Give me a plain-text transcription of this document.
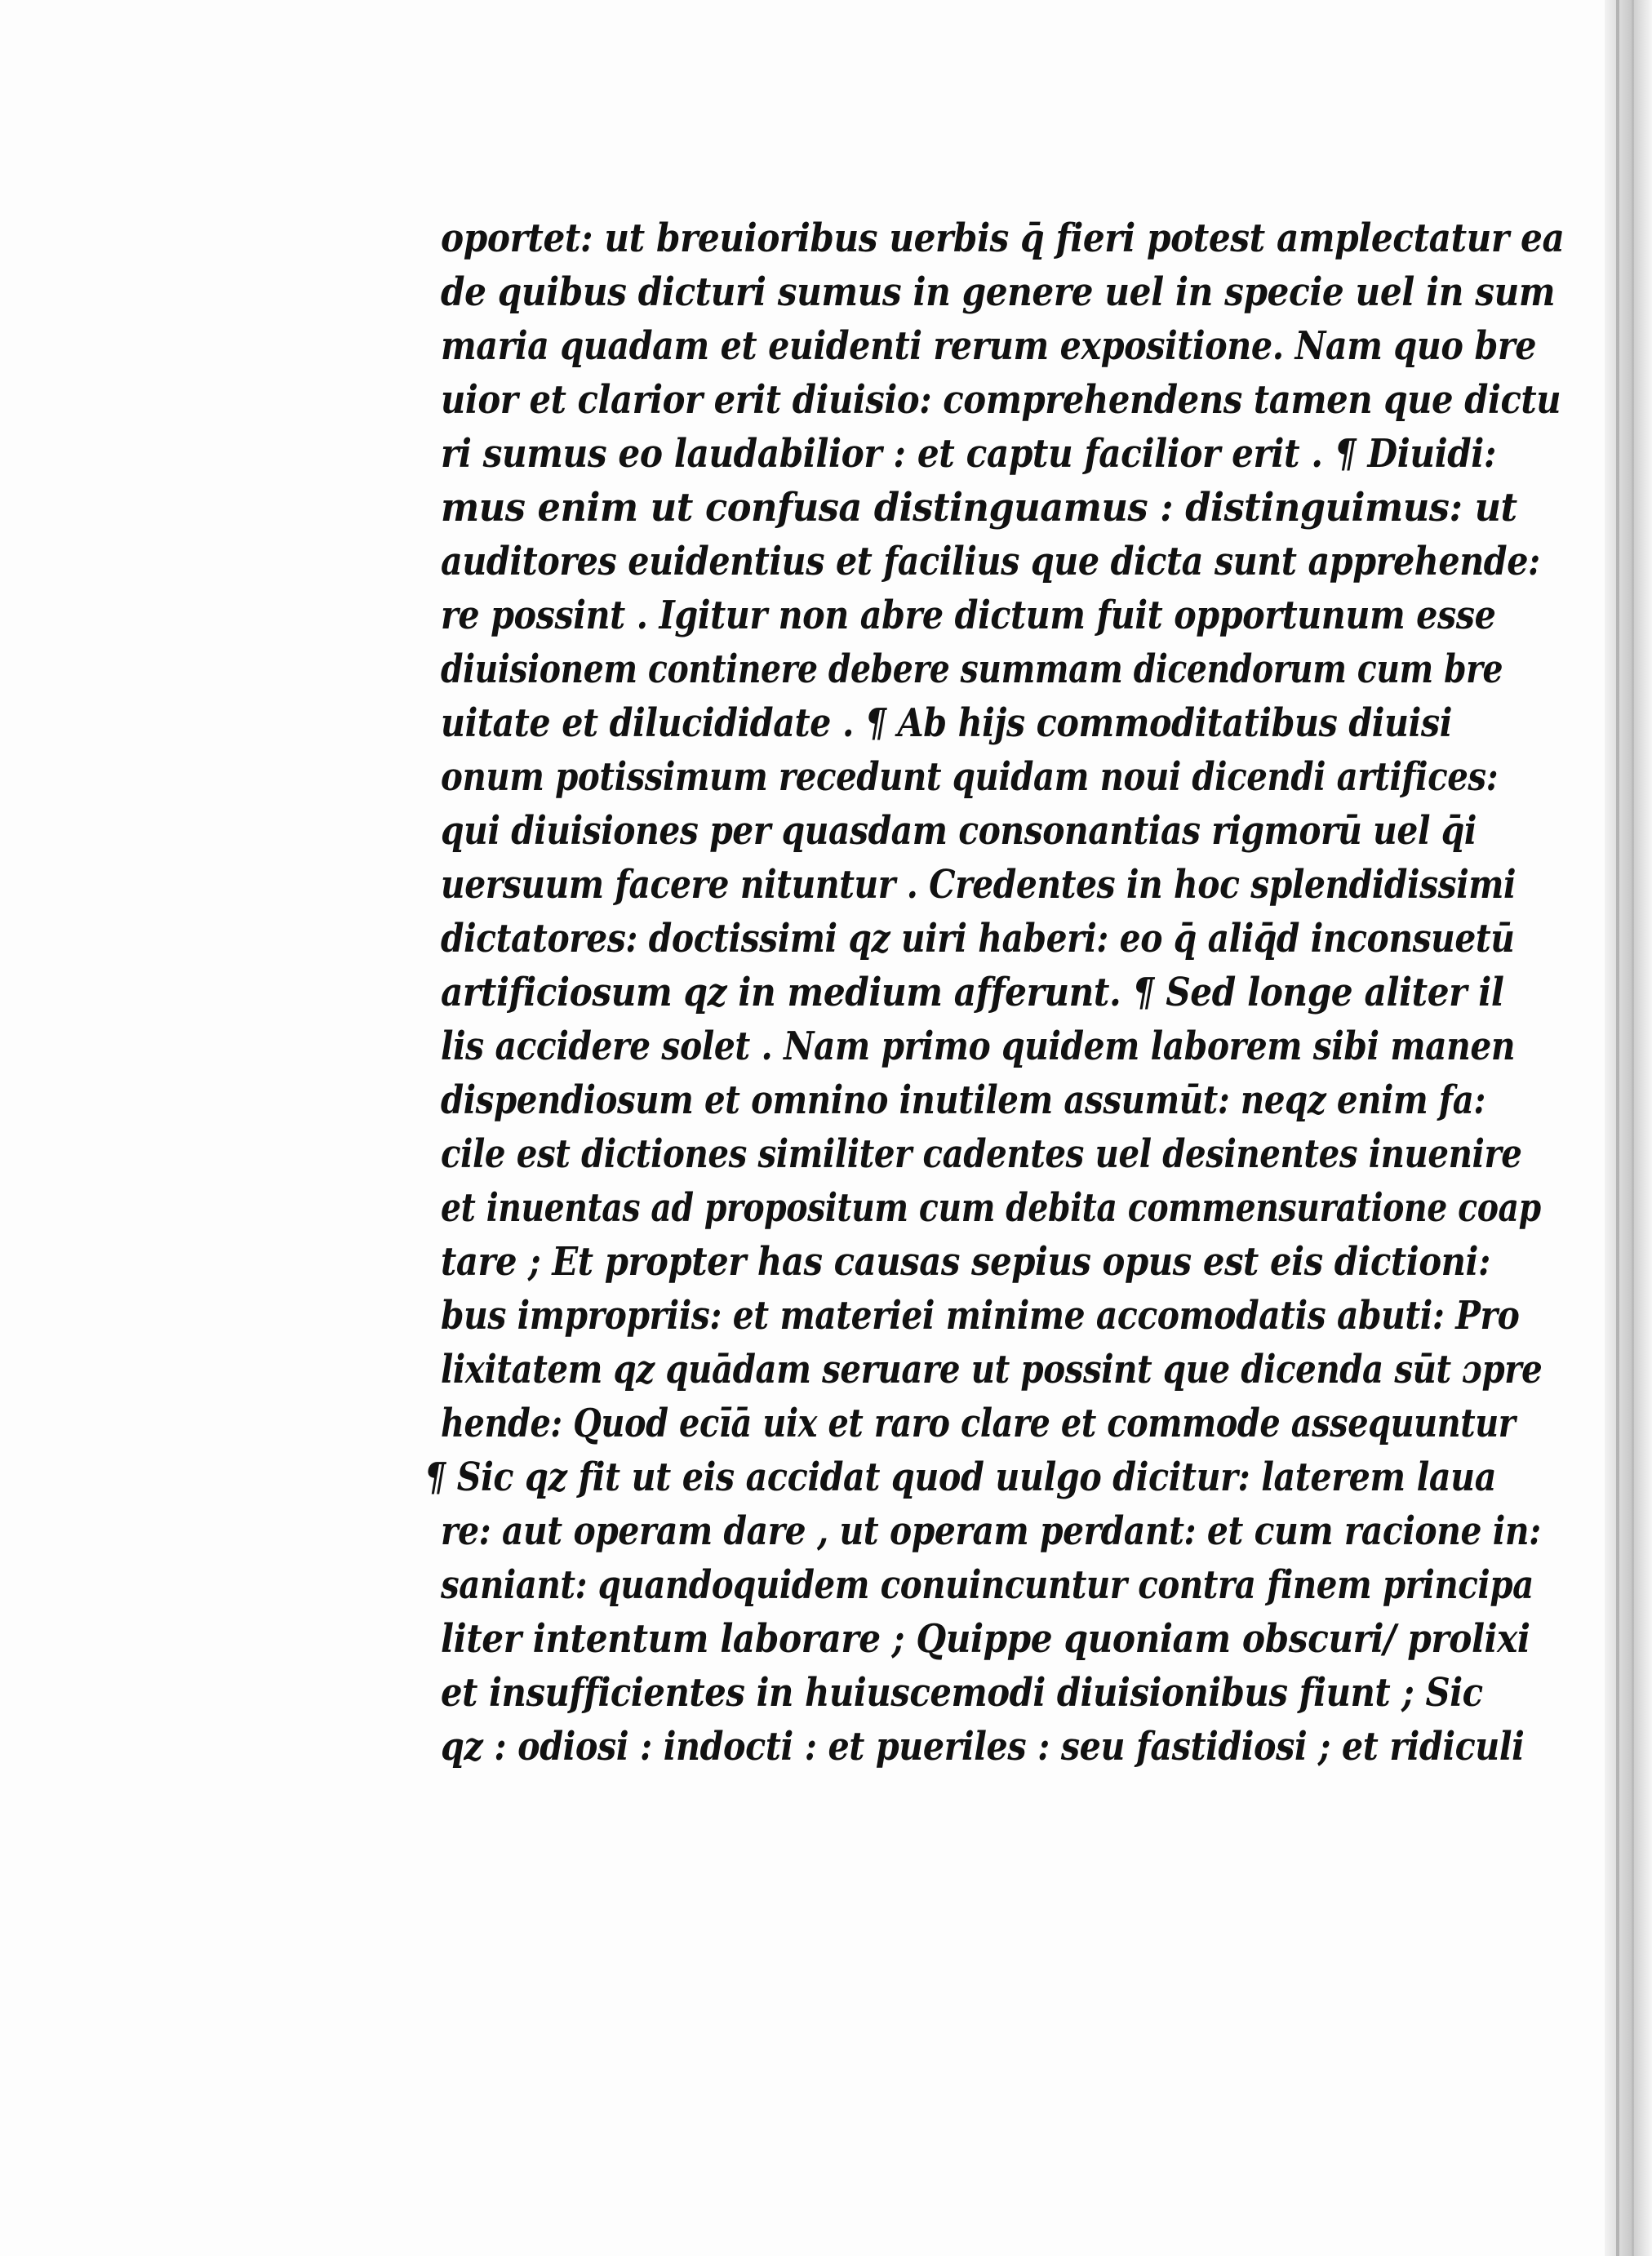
oportet: ut breuioribus uerbis q̄ fieri potest amplectatur ea
de quibus dicturi sumus in genere uel in specie uel in sum
maria quadam et euidenti rerum expositione. Nam quo bre
uior et clarior erit diuisio: comprehendens tamen que dictu
ri sumus eo laudabilior : et captu facilior erit . ¶ Diuidi:
mus enim ut confusa distinguamus : distinguimus: ut
auditores euidentius et facilius que dicta sunt apprehende:
re possint . Igitur non abre dictum fuit opportunum esse
diuisionem continere debere summam dicendorum cum bre
uitate et dilucididate . ¶ Ab hijs commoditatibus diuisi
onum potissimum recedunt quidam noui dicendi artifices:
qui diuisiones per quasdam consonantias rigmorū uel q̄i
uersuum facere nituntur . Credentes in hoc splendidissimi
dictatores: doctissimi qz uiri haberi: eo q̄ aliq̄d inconsuetū
artificiosum qz in medium afferunt. ¶ Sed longe aliter il
lis accidere solet . Nam primo quidem laborem sibi manen
dispendiosum et omnino inutilem assumūt: neqz enim fa:
cile est dictiones similiter cadentes uel desinentes inuenire
et inuentas ad propositum cum debita commensuratione coap
tare ; Et propter has causas sepius opus est eis dictioni:
bus impropriis: et materiei minime accomodatis abuti: Pro
lixitatem qz quādam seruare ut possint que dicenda sūt ɔpre
hende: Quod ecīā uix et raro clare et commode assequuntur
¶ Sic qz fit ut eis accidat quod uulgo dicitur: laterem laua
re: aut operam dare , ut operam perdant: et cum racione in:
saniant: quandoquidem conuincuntur contra finem principa
liter intentum laborare ; Quippe quoniam obscuri/ prolixi
et insufficientes in huiuscemodi diuisionibus fiunt ; Sic
qz : odiosi : indocti : et pueriles : seu fastidiosi ; et ridiculi
